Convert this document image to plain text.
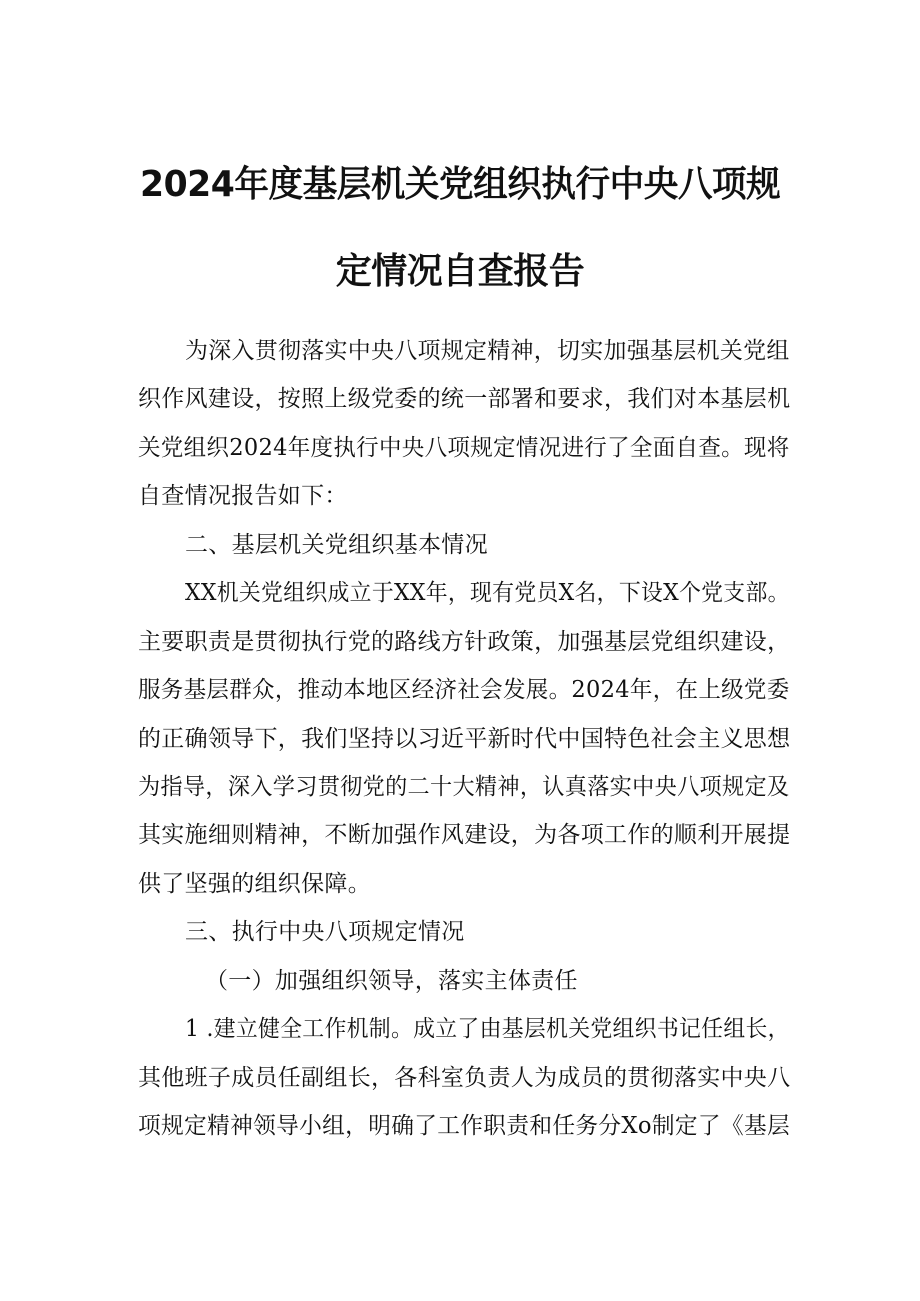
2024年度基层机关党组织执行中央八项规
定情况自查报告
为深入贯彻落实中央八项规定精神，切实加强基层机关党组
织作风建设，按照上级党委的统一部署和要求，我们对本基层机
关党组织2024年度执行中央八项规定情况进行了全面自查。现将
自查情况报告如下：
二、基层机关党组织基本情况
XX机关党组织成立于XX年，现有党员X名，下设X个党支部。
主要职责是贯彻执行党的路线方针政策，加强基层党组织建设，
服务基层群众，推动本地区经济社会发展。2024年，在上级党委
的正确领导下，我们坚持以习近平新时代中国特色社会主义思想
为指导，深入学习贯彻党的二十大精神，认真落实中央八项规定及
其实施细则精神，不断加强作风建设，为各项工作的顺利开展提
供了坚强的组织保障。
三、执行中央八项规定情况
（一）加强组织领导，落实主体责任
1 .建立健全工作机制。成立了由基层机关党组织书记任组长，
其他班子成员任副组长，各科室负责人为成员的贯彻落实中央八
项规定精神领导小组，明确了工作职责和任务分Xo制定了《基层
